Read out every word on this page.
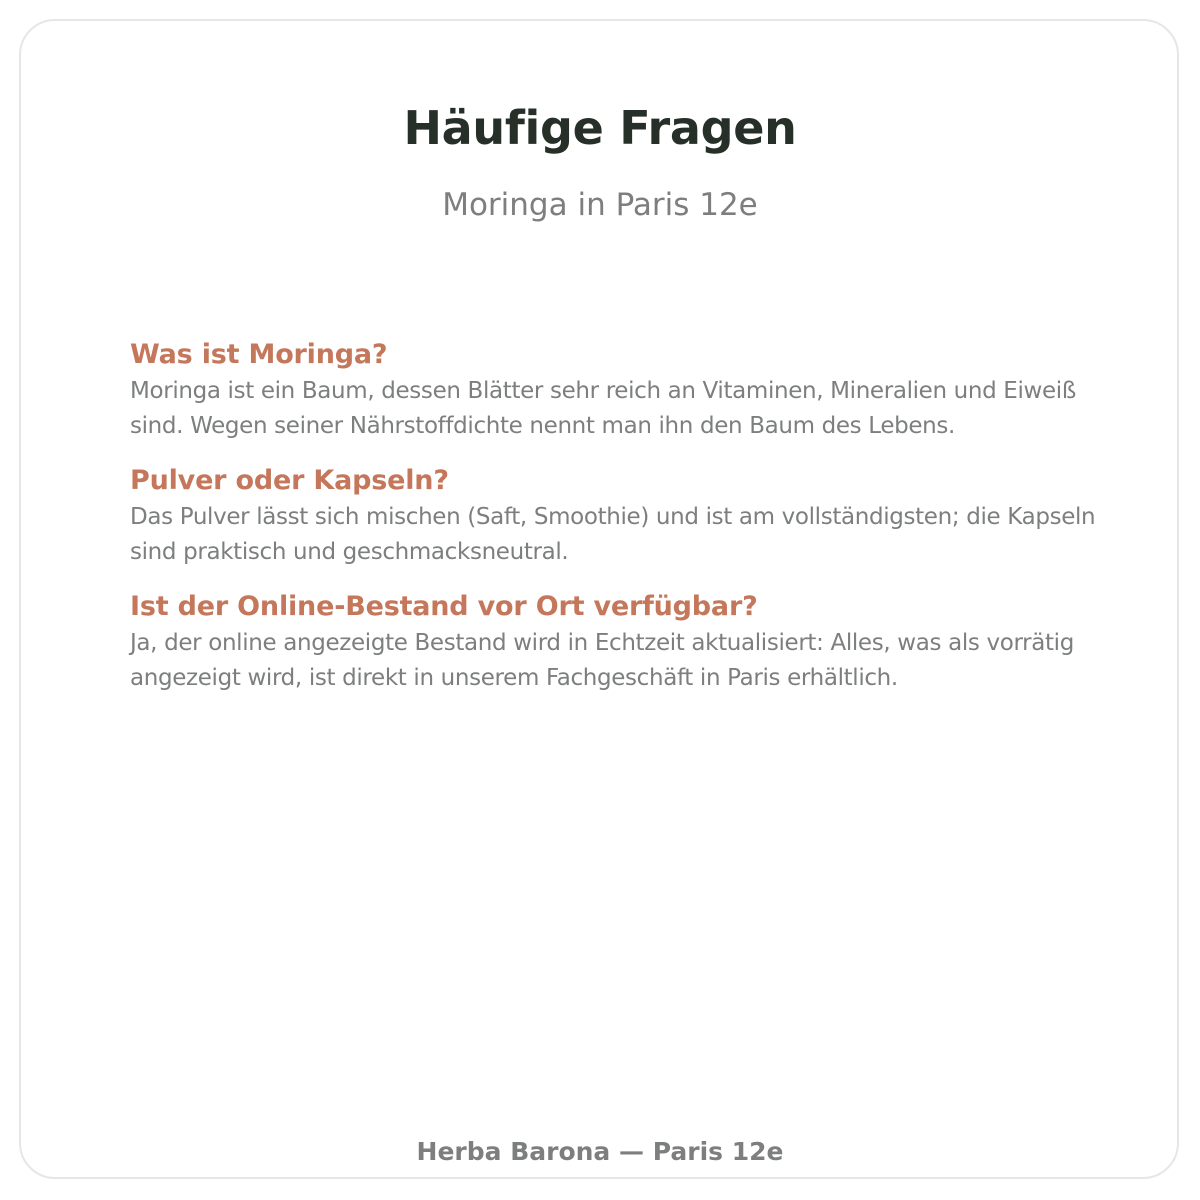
Häufige Fragen
Moringa in Paris 12e
Was ist Moringa?
Moringa ist ein Baum, dessen Blätter sehr reich an Vitaminen, Mineralien und Eiweiß sind. Wegen seiner Nährstoffdichte nennt man ihn den Baum des Lebens.
Pulver oder Kapseln?
Das Pulver lässt sich mischen (Saft, Smoothie) und ist am vollständigsten; die Kapseln sind praktisch und geschmacksneutral.
Ist der Online-Bestand vor Ort verfügbar?
Ja, der online angezeigte Bestand wird in Echtzeit aktualisiert: Alles, was als vorrätig angezeigt wird, ist direkt in unserem Fachgeschäft in Paris erhältlich.
Herba Barona — Paris 12e
